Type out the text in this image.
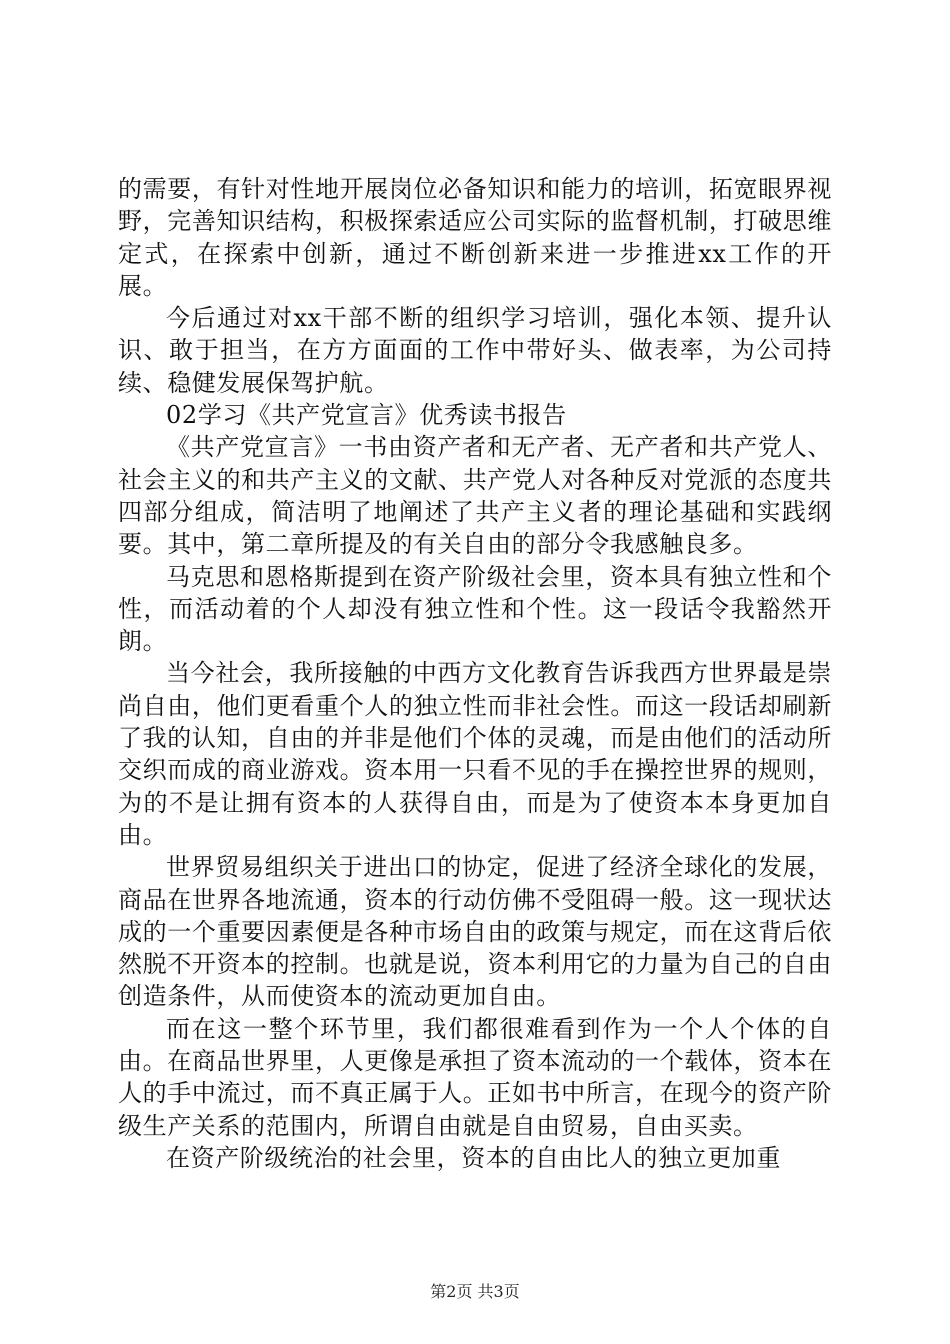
的需要，有针对性地开展岗位必备知识和能力的培训，拓宽眼界视野，完善知识结构，积极探索适应公司实际的监督机制，打破思维定式，在探索中创新，通过不断创新来进一步推进xx工作的开展。

今后通过对xx干部不断的组织学习培训，强化本领、提升认识、敢于担当，在方方面面的工作中带好头、做表率，为公司持续、稳健发展保驾护航。

02学习《共产党宣言》优秀读书报告

《共产党宣言》一书由资产者和无产者、无产者和共产党人、社会主义的和共产主义的文献、共产党人对各种反对党派的态度共四部分组成，简洁明了地阐述了共产主义者的理论基础和实践纲要。其中，第二章所提及的有关自由的部分令我感触良多。

马克思和恩格斯提到在资产阶级社会里，资本具有独立性和个性，而活动着的个人却没有独立性和个性。这一段话令我豁然开朗。

当今社会，我所接触的中西方文化教育告诉我西方世界最是崇尚自由，他们更看重个人的独立性而非社会性。而这一段话却刷新了我的认知，自由的并非是他们个体的灵魂，而是由他们的活动所交织而成的商业游戏。资本用一只看不见的手在操控世界的规则，为的不是让拥有资本的人获得自由，而是为了使资本本身更加自由。

世界贸易组织关于进出口的协定，促进了经济全球化的发展，商品在世界各地流通，资本的行动仿佛不受阻碍一般。这一现状达成的一个重要因素便是各种市场自由的政策与规定，而在这背后依然脱不开资本的控制。也就是说，资本利用它的力量为自己的自由创造条件，从而使资本的流动更加自由。

而在这一整个环节里，我们都很难看到作为一个人个体的自由。在商品世界里，人更像是承担了资本流动的一个载体，资本在人的手中流过，而不真正属于人。正如书中所言，在现今的资产阶级生产关系的范围内，所谓自由就是自由贸易，自由买卖。

在资产阶级统治的社会里，资本的自由比人的独立更加重

第2页 共3页
